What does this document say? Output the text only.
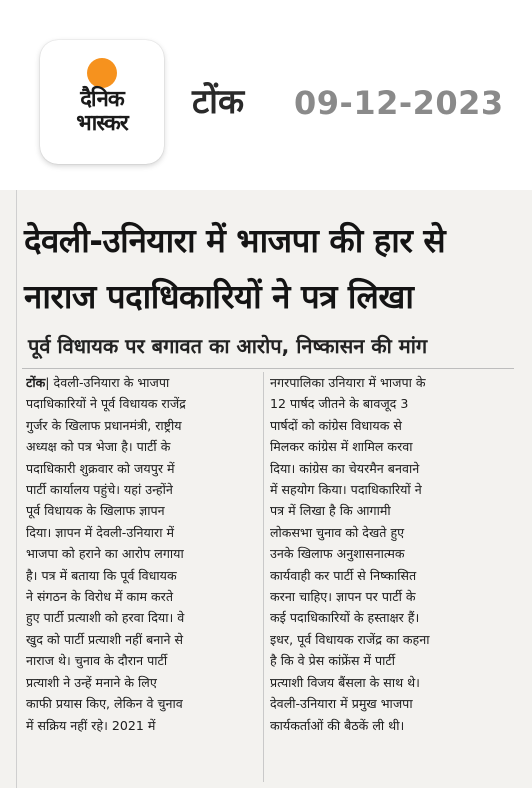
दैनिक
भास्कर
टोंक 09-12-2023
देवली-उनियारा में भाजपा की हार से
नाराज पदाधिकारियों ने पत्र लिखा
पूर्व विधायक पर बगावत का आरोप, निष्कासन की मांग
टोंक| देवली-उनियारा के भाजपा
पदाधिकारियों ने पूर्व विधायक राजेंद्र
गुर्जर के खिलाफ प्रधानमंत्री, राष्ट्रीय
अध्यक्ष को पत्र भेजा है। पार्टी के
पदाधिकारी शुक्रवार को जयपुर में
पार्टी कार्यालय पहुंचे। यहां उन्होंने
पूर्व विधायक के खिलाफ ज्ञापन
दिया। ज्ञापन में देवली-उनियारा में
भाजपा को हराने का आरोप लगाया
है। पत्र में बताया कि पूर्व विधायक
ने संगठन के विरोध में काम करते
हुए पार्टी प्रत्याशी को हरवा दिया। वे
खुद को पार्टी प्रत्याशी नहीं बनाने से
नाराज थे। चुनाव के दौरान पार्टी
प्रत्याशी ने उन्हें मनाने के लिए
काफी प्रयास किए, लेकिन वे चुनाव
में सक्रिय नहीं रहे। 2021 में
नगरपालिका उनियारा में भाजपा के
12 पार्षद जीतने के बावजूद 3
पार्षदों को कांग्रेस विधायक से
मिलकर कांग्रेस में शामिल करवा
दिया। कांग्रेस का चेयरमैन बनवाने
में सहयोग किया। पदाधिकारियों ने
पत्र में लिखा है कि आगामी
लोकसभा चुनाव को देखते हुए
उनके खिलाफ अनुशासनात्मक
कार्यवाही कर पार्टी से निष्कासित
करना चाहिए। ज्ञापन पर पार्टी के
कई पदाधिकारियों के हस्ताक्षर हैं।
इधर, पूर्व विधायक राजेंद्र का कहना
है कि वे प्रेस कांफ्रेंस में पार्टी
प्रत्याशी विजय बैंसला के साथ थे।
देवली-उनियारा में प्रमुख भाजपा
कार्यकर्ताओं की बैठकें ली थी।
